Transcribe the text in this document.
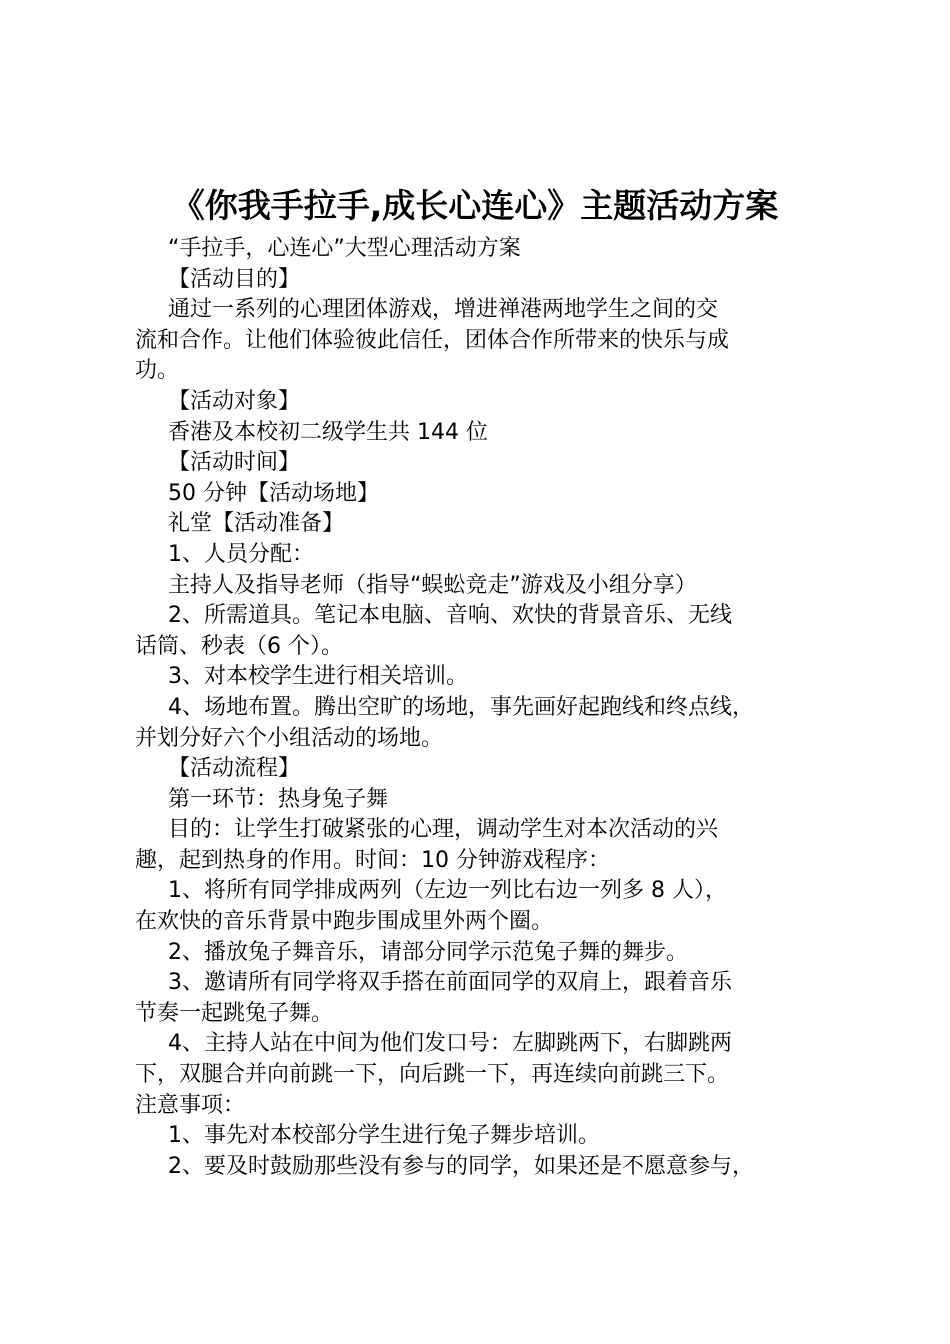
《你我手拉手,成长心连心》主题活动方案
“手拉手，心连心”大型心理活动方案
【活动目的】
通过一系列的心理团体游戏，增进禅港两地学生之间的交
流和合作。让他们体验彼此信任，团体合作所带来的快乐与成
功。
【活动对象】
香港及本校初二级学生共 144 位
【活动时间】
50 分钟【活动场地】
礼堂【活动准备】
1、人员分配：
主持人及指导老师（指导“蜈蚣竞走”游戏及小组分享）
2、所需道具。笔记本电脑、音响、欢快的背景音乐、无线
话筒、秒表（6 个）。
3、对本校学生进行相关培训。
4、场地布置。腾出空旷的场地，事先画好起跑线和终点线，
并划分好六个小组活动的场地。
【活动流程】
第一环节：热身兔子舞
目的：让学生打破紧张的心理，调动学生对本次活动的兴
趣，起到热身的作用。时间：10 分钟游戏程序：
1、将所有同学排成两列（左边一列比右边一列多 8 人），
在欢快的音乐背景中跑步围成里外两个圈。
2、播放兔子舞音乐，请部分同学示范兔子舞的舞步。
3、邀请所有同学将双手搭在前面同学的双肩上，跟着音乐
节奏一起跳兔子舞。
4、主持人站在中间为他们发口号：左脚跳两下，右脚跳两
下，双腿合并向前跳一下，向后跳一下，再连续向前跳三下。
注意事项：
1、事先对本校部分学生进行兔子舞步培训。
2、要及时鼓励那些没有参与的同学，如果还是不愿意参与，
